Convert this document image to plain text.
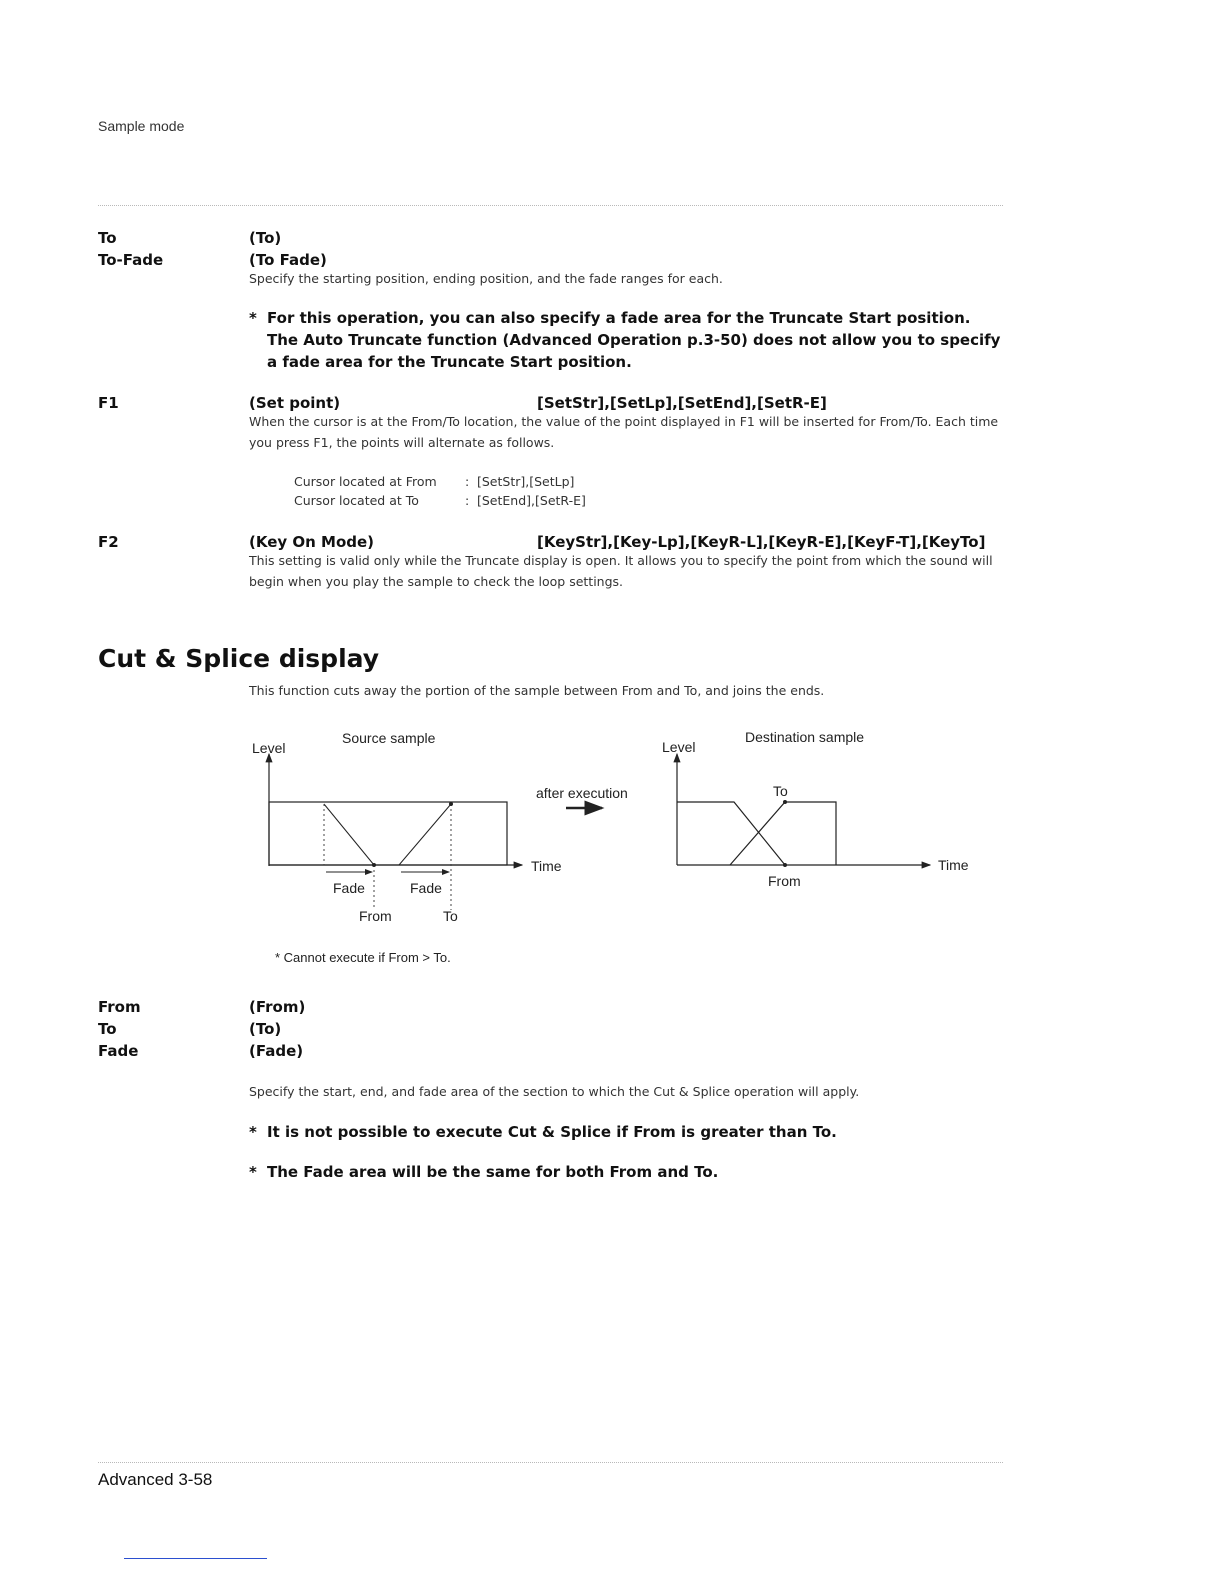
Sample mode
To	(To)
To-Fade	(To Fade)
Specify the starting position, ending position, and the fade ranges for each.
* For this operation, you can also specify a fade area for the Truncate Start position. The Auto Truncate function (Advanced Operation p.3-50) does not allow you to specify a fade area for the Truncate Start position.
F1	(Set point)	[SetStr],[SetLp],[SetEnd],[SetR-E]
When the cursor is at the From/To location, the value of the point displayed in F1 will be inserted for From/To. Each time you press F1, the points will alternate as follows.
Cursor located at From : [SetStr],[SetLp]
Cursor located at To	: [SetEnd],[SetR-E]
F2	(Key On Mode)	[KeyStr],[Key-Lp],[KeyR-L],[KeyR-E],[KeyF-T],[KeyTo]
This setting is valid only while the Truncate display is open. It allows you to specify the point from which the sound will begin when you play the sample to check the loop settings.
Cut & Splice display
This function cuts away the portion of the sample between From and To, and joins the ends.
Source sample
Level
Time
Fade	Fade
From	To
after execution
Destination sample
Level
Time
To
From
* Cannot execute if From > To.
From	(From)
To	(To)
Fade	(Fade)
Specify the start, end, and fade area of the section to which the Cut & Splice operation will apply.
* It is not possible to execute Cut & Splice if From is greater than To.
* The Fade area will be the same for both From and To.
Advanced 3-58
